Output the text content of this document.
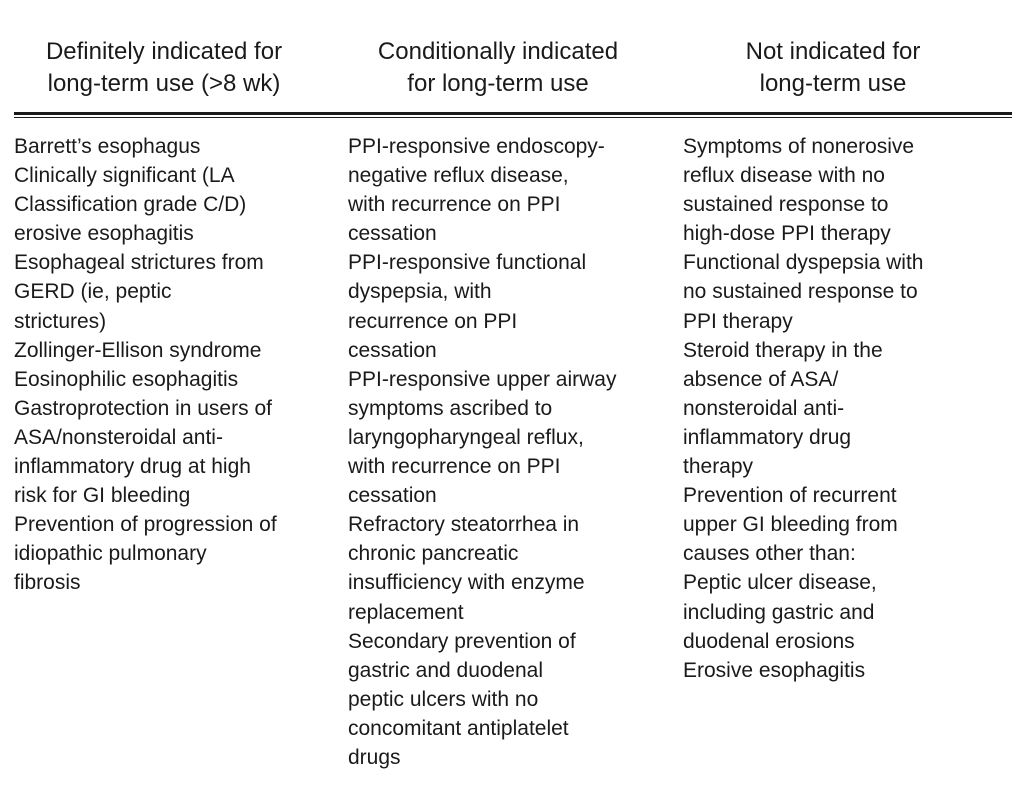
Definitely indicated for
long-term use (>8 wk)
Conditionally indicated
for long-term use
Not indicated for
long-term use
Barrett’s esophagus
Clinically significant (LA
Classification grade C/D)
erosive esophagitis
Esophageal strictures from
GERD (ie, peptic
strictures)
Zollinger-Ellison syndrome
Eosinophilic esophagitis
Gastroprotection in users of
ASA/nonsteroidal anti-
inflammatory drug at high
risk for GI bleeding
Prevention of progression of
idiopathic pulmonary
fibrosis
PPI-responsive endoscopy-
negative reflux disease,
with recurrence on PPI
cessation
PPI-responsive functional
dyspepsia, with
recurrence on PPI
cessation
PPI-responsive upper airway
symptoms ascribed to
laryngopharyngeal reflux,
with recurrence on PPI
cessation
Refractory steatorrhea in
chronic pancreatic
insufficiency with enzyme
replacement
Secondary prevention of
gastric and duodenal
peptic ulcers with no
concomitant antiplatelet
drugs
Symptoms of nonerosive
reflux disease with no
sustained response to
high-dose PPI therapy
Functional dyspepsia with
no sustained response to
PPI therapy
Steroid therapy in the
absence of ASA/
nonsteroidal anti-
inflammatory drug
therapy
Prevention of recurrent
upper GI bleeding from
causes other than:
Peptic ulcer disease,
including gastric and
duodenal erosions
Erosive esophagitis
